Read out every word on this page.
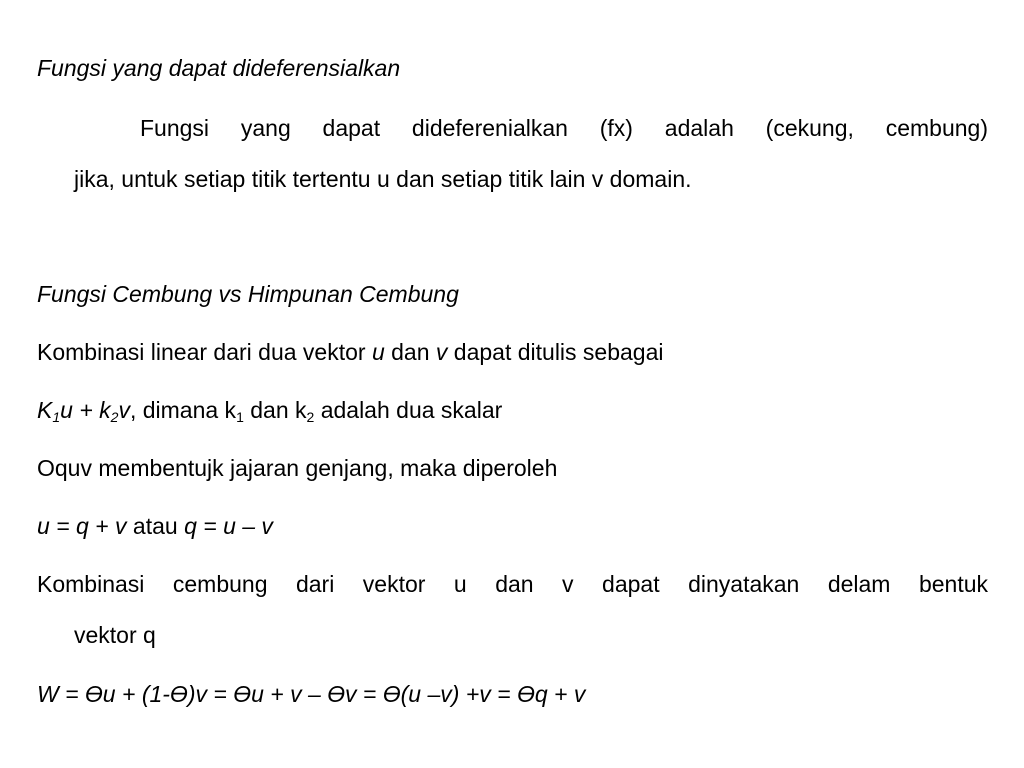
Fungsi yang dapat dideferensialkan
Fungsi yang dapat dideferenialkan (fx) adalah (cekung, cembung)
jika, untuk setiap titik tertentu u dan setiap titik lain v domain.
Fungsi Cembung vs Himpunan Cembung
Kombinasi linear dari dua vektor u dan v dapat ditulis sebagai
$K_1u + k_2v$, dimana $k_1$ dan $k_2$ adalah dua skalar
Oquv membentujk jajaran genjang, maka diperoleh
u = q + v atau q = u – v
Kombinasi cembung dari vektor u dan v dapat dinyatakan delam bentuk
vektor q
W = Ɵu + (1-Ɵ)v = Ɵu + v – Ɵv = Ɵ(u –v) +v = Ɵq + v
